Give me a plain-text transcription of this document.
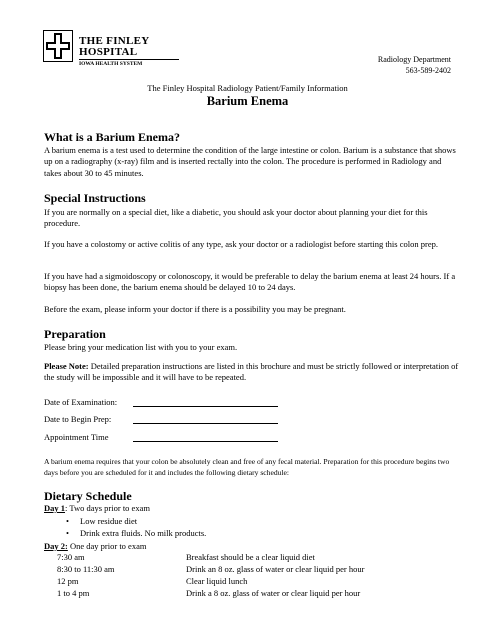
THE FINLEY
HOSPITAL
IOWA HEALTH SYSTEM	Radiology Department
563-589-2402
The Finley Hospital Radiology Patient/Family Information
Barium Enema
What is a Barium Enema?
A barium enema is a test used to determine the condition of the large intestine or colon. Barium is a substance that shows up on a radiography (x-ray) film and is inserted rectally into the colon. The procedure is performed in Radiology and takes about 30 to 45 minutes.
Special Instructions
If you are normally on a special diet, like a diabetic, you should ask your doctor about planning your diet for this procedure.
If you have a colostomy or active colitis of any type, ask your doctor or a radiologist before starting this colon prep.
If you have had a sigmoidoscopy or colonoscopy, it would be preferable to delay the barium enema at least 24 hours. If a biopsy has been done, the barium enema should be delayed 10 to 24 days.
Before the exam, please inform your doctor if there is a possibility you may be pregnant.
Preparation
Please bring your medication list with you to your exam.
Please Note: Detailed preparation instructions are listed in this brochure and must be strictly followed or interpretation of the study will be impossible and it will have to be repeated.
Date of Examination:
Date to Begin Prep:
Appointment Time
A barium enema requires that your colon be absolutely clean and free of any fecal material. Preparation for this procedure begins two days before you are scheduled for it and includes the following dietary schedule:
Dietary Schedule
Day 1: Two days prior to exam
• Low residue diet
• Drink extra fluids. No milk products.
Day 2: One day prior to exam
7:30 am	Breakfast should be a clear liquid diet
8:30 to 11:30 am	Drink an 8 oz. glass of water or clear liquid per hour
12 pm	Clear liquid lunch
1 to 4 pm	Drink a 8 oz. glass of water or clear liquid per hour
